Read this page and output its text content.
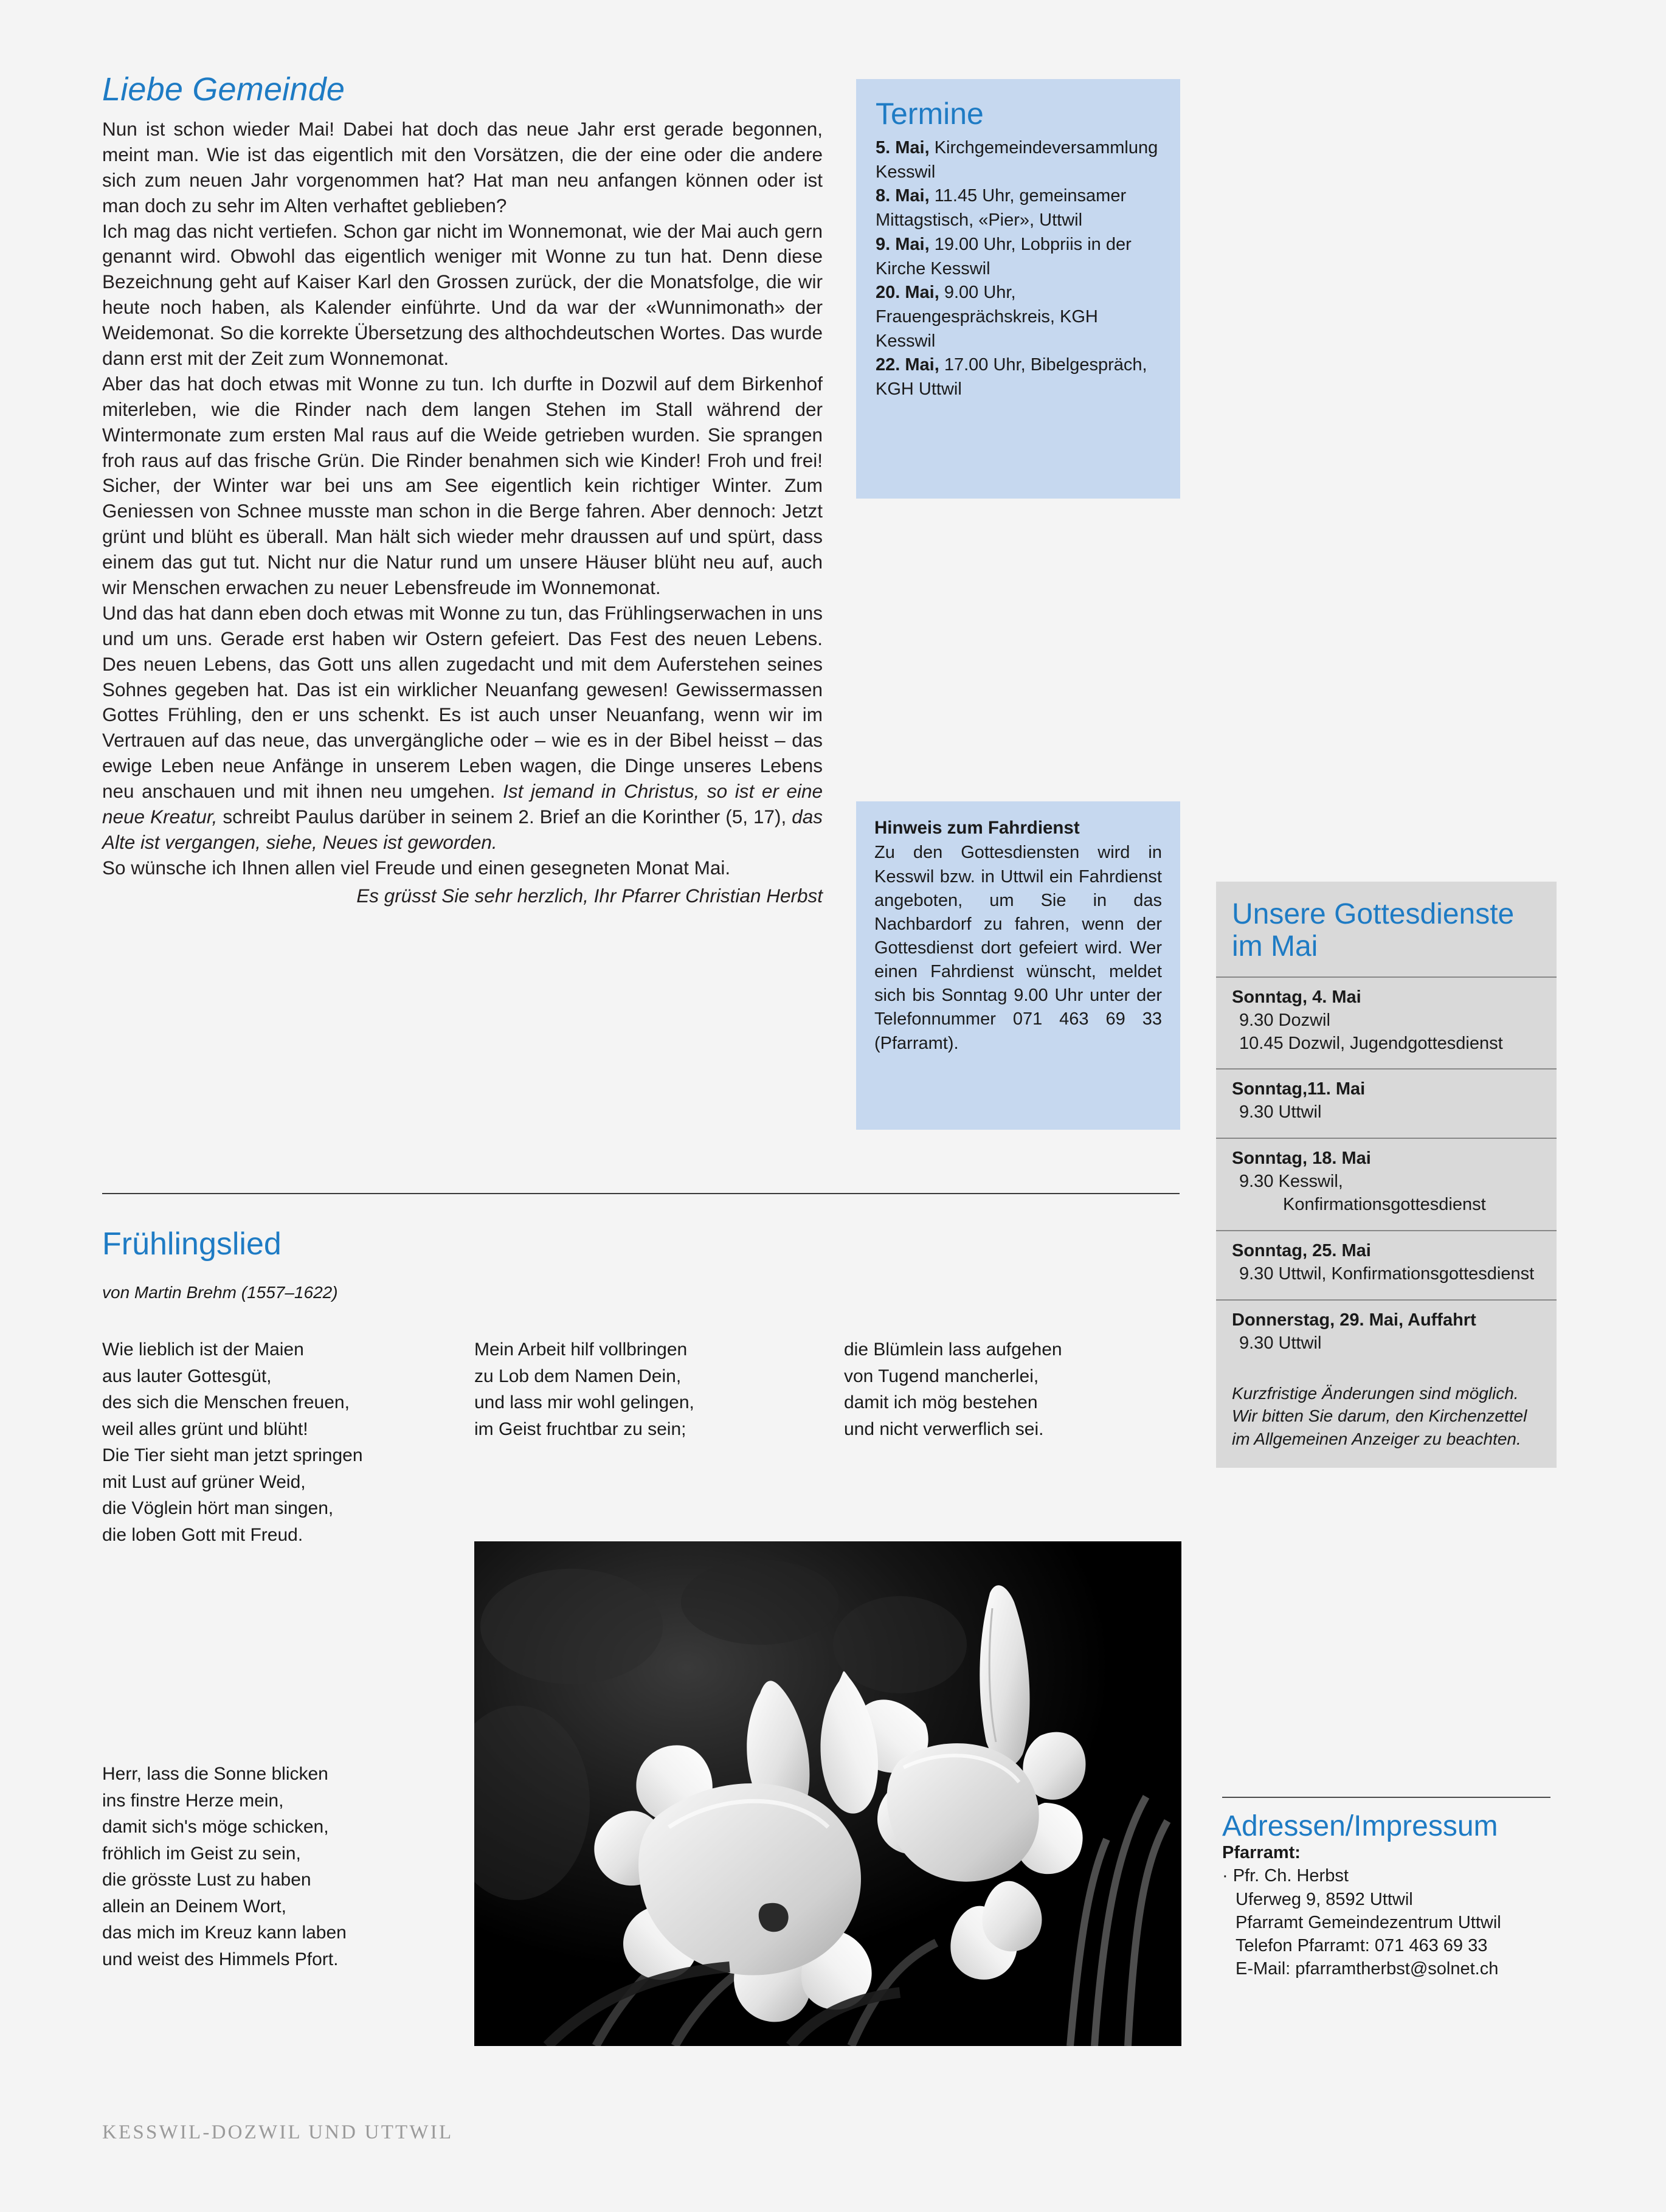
Liebe Gemeinde

Nun ist schon wieder Mai! Dabei hat doch das neue Jahr erst gerade begonnen, meint man. Wie ist das eigentlich mit den Vorsätzen, die der eine oder die andere sich zum neuen Jahr vorgenommen hat? Hat man neu anfangen können oder ist man doch zu sehr im Alten verhaftet geblieben?

Ich mag das nicht vertiefen. Schon gar nicht im Wonnemonat, wie der Mai auch gern genannt wird. Obwohl das eigentlich weniger mit Wonne zu tun hat. Denn diese Bezeichnung geht auf Kaiser Karl den Grossen zurück, der die Monatsfolge, die wir heute noch haben, als Kalender einführte. Und da war der «Wunnimonath» der Weidemonat. So die korrekte Übersetzung des althochdeutschen Wortes. Das wurde dann erst mit der Zeit zum Wonnemonat.

Aber das hat doch etwas mit Wonne zu tun. Ich durfte in Dozwil auf dem Birkenhof miterleben, wie die Rinder nach dem langen Stehen im Stall während der Wintermonate zum ersten Mal raus auf die Weide getrieben wurden. Sie sprangen froh raus auf das frische Grün. Die Rinder benahmen sich wie Kinder! Froh und frei! Sicher, der Winter war bei uns am See eigentlich kein richtiger Winter. Zum Geniessen von Schnee musste man schon in die Berge fahren. Aber dennoch: Jetzt grünt und blüht es überall. Man hält sich wieder mehr draussen auf und spürt, dass einem das gut tut. Nicht nur die Natur rund um unsere Häuser blüht neu auf, auch wir Menschen erwachen zu neuer Lebensfreude im Wonnemonat.

Und das hat dann eben doch etwas mit Wonne zu tun, das Frühlingserwachen in uns und um uns. Gerade erst haben wir Ostern gefeiert. Das Fest des neuen Lebens. Des neuen Lebens, das Gott uns allen zugedacht und mit dem Auferstehen seines Sohnes gegeben hat. Das ist ein wirklicher Neuanfang gewesen! Gewissermassen Gottes Frühling, den er uns schenkt. Es ist auch unser Neuanfang, wenn wir im Vertrauen auf das neue, das unvergängliche oder – wie es in der Bibel heisst – das ewige Leben neue Anfänge in unserem Leben wagen, die Dinge unseres Lebens neu anschauen und mit ihnen neu umgehen. Ist jemand in Christus, so ist er eine neue Kreatur, schreibt Paulus darüber in seinem 2. Brief an die Korinther (5, 17), das Alte ist vergangen, siehe, Neues ist geworden.

So wünsche ich Ihnen allen viel Freude und einen gesegneten Monat Mai.

Es grüsst Sie sehr herzlich, Ihr Pfarrer Christian Herbst
Termine
5. Mai, Kirchgemeindeversammlung Kesswil
8. Mai, 11.45 Uhr, gemeinsamer Mittagstisch, «Pier», Uttwil
9. Mai, 19.00 Uhr, Lobpriis in der Kirche Kesswil
20. Mai, 9.00 Uhr, Frauengesprächskreis, KGH Kesswil
22. Mai, 17.00 Uhr, Bibelgespräch, KGH Uttwil
Hinweis zum Fahrdienst

Zu den Gottesdiensten wird in Kesswil bzw. in Uttwil ein Fahrdienst angeboten, um Sie in das Nachbardorf zu fahren, wenn der Gottesdienst dort gefeiert wird. Wer einen Fahrdienst wünscht, meldet sich bis Sonntag 9.00 Uhr unter der Telefonnummer 071 463 69 33 (Pfarramt).

Unsere Gottesdienste im Mai
Sonntag, 4. Mai
9.30 Dozwil
10.45 Dozwil, Jugendgottesdienst
Sonntag,11. Mai
9.30 Uttwil
Sonntag, 18. Mai
9.30 Kesswil, Konfirmationsgottesdienst
Sonntag, 25. Mai
9.30 Uttwil, Konfirmationsgottesdienst
Donnerstag, 29. Mai, Auffahrt
9.30 Uttwil
Kurzfristige Änderungen sind möglich.
Wir bitten Sie darum, den Kirchenzettel
im Allgemeinen Anzeiger zu beachten.
Adressen/Impressum
Pfarramt:
· Pfr. Ch. Herbst
Uferweg 9, 8592 Uttwil
Pfarramt Gemeindezentrum Uttwil
Telefon Pfarramt: 071 463 69 33
E-Mail: pfarramtherbst@solnet.ch
Frühlingslied
von Martin Brehm (1557–1622)
Wie lieblich ist der Maien
aus lauter Gottesgüt,
des sich die Menschen freuen,
weil alles grünt und blüht!
Die Tier sieht man jetzt springen
mit Lust auf grüner Weid,
die Vöglein hört man singen,
die loben Gott mit Freud.
Mein Arbeit hilf vollbringen
zu Lob dem Namen Dein,
und lass mir wohl gelingen,
im Geist fruchtbar zu sein;
die Blümlein lass aufgehen
von Tugend mancherlei,
damit ich mög bestehen
und nicht verwerflich sei.
Herr, lass die Sonne blicken
ins finstre Herze mein,
damit sich's möge schicken,
fröhlich im Geist zu sein,
die grösste Lust zu haben
allein an Deinem Wort,
das mich im Kreuz kann laben
und weist des Himmels Pfort.
KESSWIL-DOZWIL UND UTTWIL
